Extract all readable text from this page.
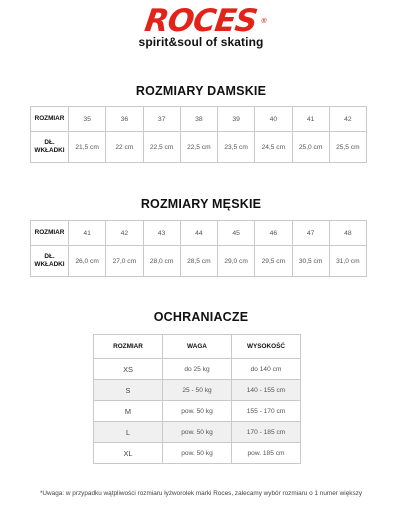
ROCES ®
spirit&soul of skating
ROZMIARY DAMSKIE
ROZMIAR	35	36	37	38	39	40	41	42
DŁ. WKŁADKI	21,5 cm	22 cm	22,5 cm	22,5 cm	23,5 cm	24,5 cm	25,0 cm	25,5 cm
ROZMIARY MĘSKIE
ROZMIAR	41	42	43	44	45	46	47	48
DŁ. WKŁADKI	26,0 cm	27,0 cm	28,0 cm	28,5 cm	29,0 cm	29,5 cm	30,5 cm	31,0 cm
OCHRANIACZE
ROZMIAR	WAGA	WYSOKOŚĆ
XS	do 25 kg	do 140 cm
S	25 - 50 kg	140 - 155 cm
M	pow. 50 kg	155 - 170 cm
L	pow. 50 kg	170 - 185 cm
XL	pow. 50 kg	pow. 185 cm
*Uwaga: w przypadku wątpliwości rozmiaru łyżworolek marki Roces, zalecamy wybór rozmiaru o 1 numer większy
